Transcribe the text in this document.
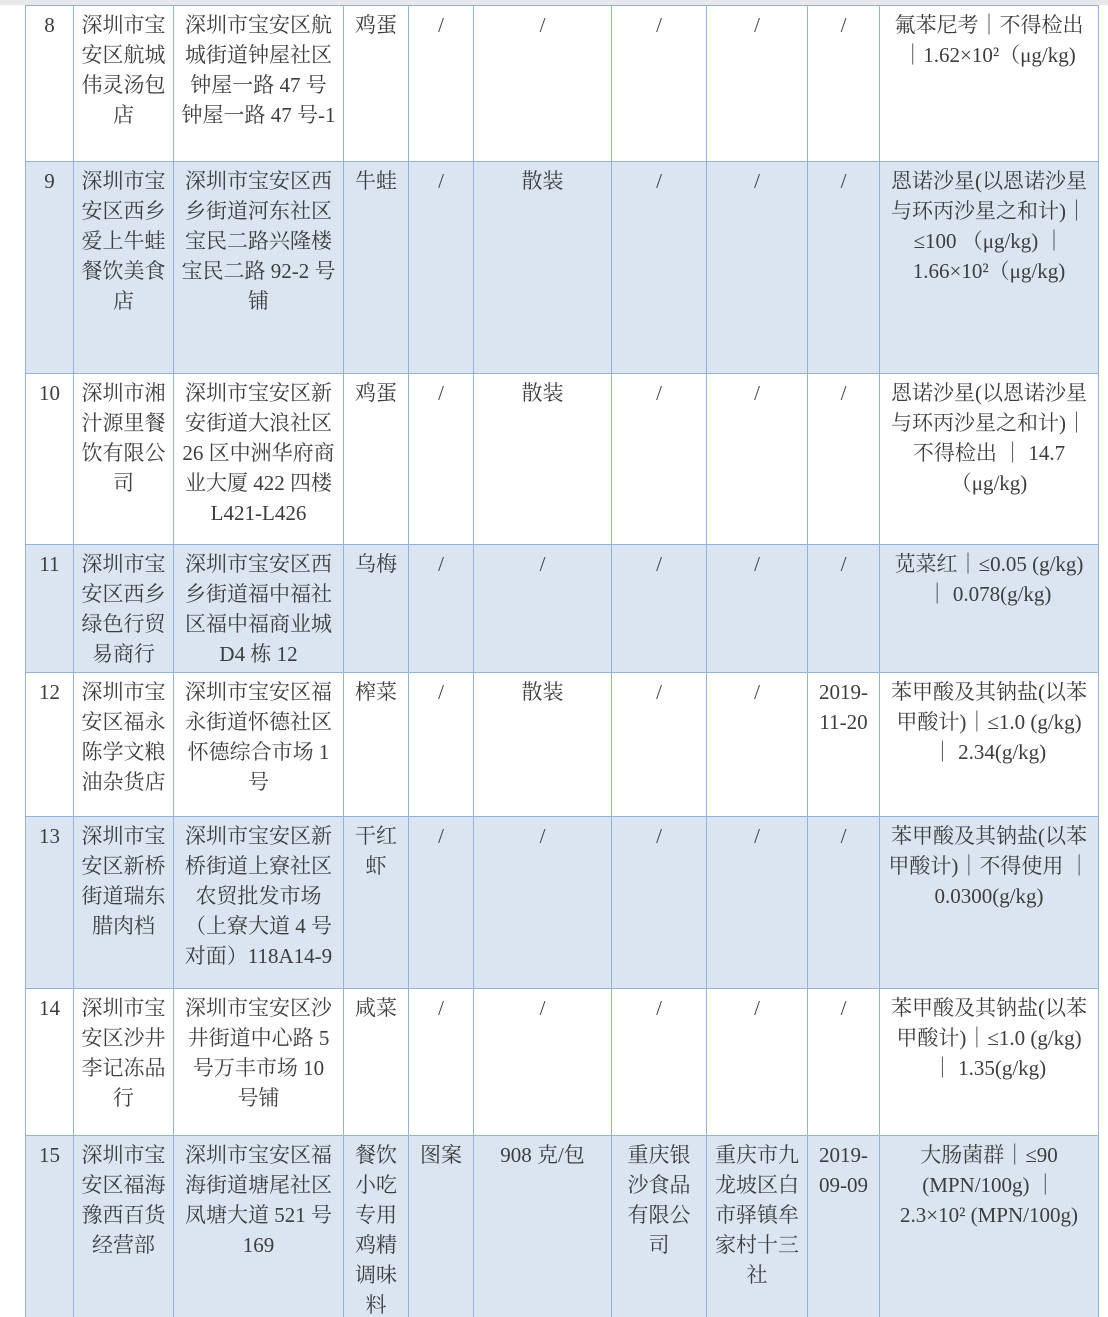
8	深圳市宝安区航城伟灵汤包店	深圳市宝安区航城街道钟屋社区钟屋一路 47 号钟屋一路 47 号-1	鸡蛋	/	/	/	/	/	氟苯尼考｜不得检出｜1.62×10²（μg/kg)
9	深圳市宝安区西乡爱上牛蛙餐饮美食店	深圳市宝安区西乡街道河东社区宝民二路兴隆楼宝民二路 92-2 号铺	牛蛙	/	散装	/	/	/	恩诺沙星(以恩诺沙星与环丙沙星之和计)｜≤100 （μg/kg) ｜ 1.66×10²（μg/kg)
10	深圳市湘汁源里餐饮有限公司	深圳市宝安区新安街道大浪社区 26 区中洲华府商业大厦 422 四楼 L421-L426	鸡蛋	/	散装	/	/	/	恩诺沙星(以恩诺沙星与环丙沙星之和计)｜不得检出 ｜ 14.7（μg/kg)
11	深圳市宝安区西乡绿色行贸易商行	深圳市宝安区西乡街道福中福社区福中福商业城 D4 栋 12	乌梅	/	/	/	/	/	苋菜红｜≤0.05 (g/kg) ｜ 0.078(g/kg)
12	深圳市宝安区福永陈学文粮油杂货店	深圳市宝安区福永街道怀德社区怀德综合市场 1 号	榨菜	/	散装	/	/	2019-11-20	苯甲酸及其钠盐(以苯甲酸计)｜≤1.0 (g/kg) ｜ 2.34(g/kg)
13	深圳市宝安区新桥街道瑞东腊肉档	深圳市宝安区新桥街道上寮社区农贸批发市场（上寮大道 4 号对面）118A14-9	干红虾	/	/	/	/	/	苯甲酸及其钠盐(以苯甲酸计)｜不得使用 ｜ 0.0300(g/kg)
14	深圳市宝安区沙井李记冻品行	深圳市宝安区沙井街道中心路 5 号万丰市场 10 号铺	咸菜	/	/	/	/	/	苯甲酸及其钠盐(以苯甲酸计)｜≤1.0 (g/kg) ｜ 1.35(g/kg)
15	深圳市宝安区福海豫西百货经营部	深圳市宝安区福海街道塘尾社区凤塘大道 521 号 169	餐饮小吃专用鸡精调味料	图案	908 克/包	重庆银沙食品有限公司	重庆市九龙坡区白市驿镇牟家村十三社	2019-09-09	大肠菌群｜≤90 (MPN/100g) ｜ 2.3×10² (MPN/100g)
